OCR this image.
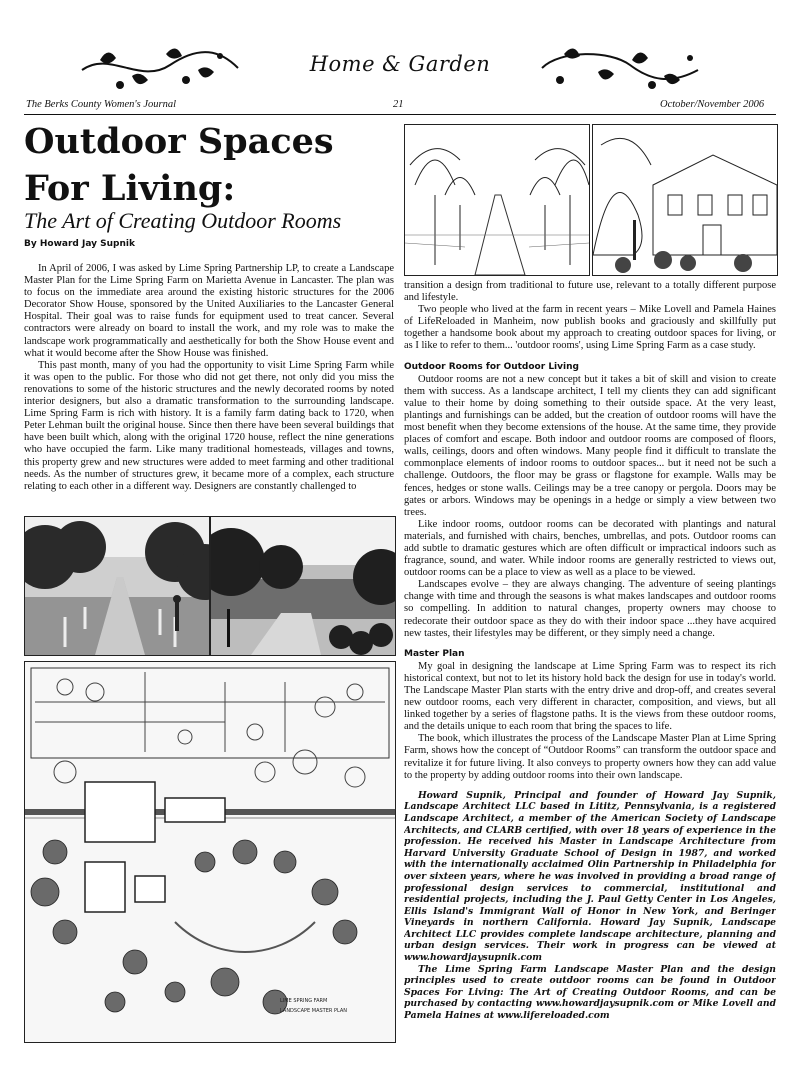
Home & Garden
The Berks County Women's Journal	21	October/November 2006
Outdoor Spaces
For Living:
The Art of Creating Outdoor Rooms
By Howard Jay Supnik

In April of 2006, I was asked by Lime Spring Partnership LP, to create a Landscape Master Plan for the Lime Spring Farm on Marietta Avenue in Lancaster. The plan was to focus on the immediate area around the existing historic structures for the 2006 Decorator Show House, sponsored by the United Auxiliaries to the Lancaster General Hospital. Their goal was to raise funds for equipment used to treat cancer. Several contractors were already on board to install the work, and my role was to make the landscape work programmatically and aesthetically for both the Show House event and what it would become after the Show House was finished.

This past month, many of you had the opportunity to visit Lime Spring Farm while it was open to the public. For those who did not get there, not only did you miss the renovations to some of the historic structures and the newly decorated rooms by noted interior designers, but also a dramatic transformation to the surrounding landscape. Lime Spring Farm is rich with history. It is a family farm dating back to 1720, when Peter Lehman built the original house. Since then there have been several buildings that have been built which, along with the original 1720 house, reflect the nine generations who have occupied the farm. Like many traditional homesteads, villages and towns, this property grew and new structures were added to meet farming and other traditional needs. As the number of structures grew, it became more of a complex, each structure relating to each other in a different way. Designers are constantly challenged to

LIME SPRING FARM
LANDSCAPE MASTER PLAN

transition a design from traditional to future use, relevant to a totally different purpose and lifestyle.

Two people who lived at the farm in recent years – Mike Lovell and Pamela Haines of LifeReloaded in Manheim, now publish books and graciously and skillfully put together a handsome book about my approach to creating outdoor spaces for living, or as I like to refer to them... 'outdoor rooms', using Lime Spring Farm as a case study.

Outdoor Rooms for Outdoor Living

Outdoor rooms are not a new concept but it takes a bit of skill and vision to create them with success. As a landscape architect, I tell my clients they can add significant value to their home by doing something to their outside space. At the very least, plantings and furnishings can be added, but the creation of outdoor rooms will have the most benefit when they become extensions of the house. At the same time, they provide places of comfort and escape. Both indoor and outdoor rooms are composed of floors, walls, ceilings, doors and often windows. Many people find it difficult to translate the commonplace elements of indoor rooms to outdoor spaces... but it need not be such a challenge. Outdoors, the floor may be grass or flagstone for example. Walls may be fences, hedges or stone walls. Ceilings may be a tree canopy or pergola. Doors may be gates or arbors. Windows may be openings in a hedge or simply a view between two trees.

Like indoor rooms, outdoor rooms can be decorated with plantings and natural materials, and furnished with chairs, benches, umbrellas, and pots. Outdoor rooms can add subtle to dramatic gestures which are often difficult or impractical indoors such as fragrance, sound, and water. While indoor rooms are generally restricted to views out, outdoor rooms can be a place to view as well as a place to be viewed.

Landscapes evolve – they are always changing. The adventure of seeing plantings change with time and through the seasons is what makes landscapes and outdoor rooms so compelling. In addition to natural changes, property owners may choose to redecorate their outdoor space as they do with their indoor space ...they have acquired new tastes, their lifestyles may be different, or they simply need a change.

Master Plan

My goal in designing the landscape at Lime Spring Farm was to respect its rich historical context, but not to let its history hold back the design for use in today's world. The Landscape Master Plan starts with the entry drive and drop-off, and creates several new outdoor rooms, each very different in character, composition, and views, but all linked together by a series of flagstone paths. It is the views from these outdoor rooms, and the details unique to each room that bring the spaces to life.

The book, which illustrates the process of the Landscape Master Plan at Lime Spring Farm, shows how the concept of “Outdoor Rooms” can transform the outdoor space and revitalize it for future living. It also conveys to property owners how they can add value to the property by adding outdoor rooms into their own landscape.

Howard Supnik, Principal and founder of Howard Jay Supnik, Landscape Architect LLC based in Lititz, Pennsylvania, is a registered Landscape Architect, a member of the American Society of Landscape Architects, and CLARB certified, with over 18 years of experience in the profession. He received his Master in Landscape Architecture from Harvard University Graduate School of Design in 1987, and worked with the internationally acclaimed Olin Partnership in Philadelphia for over sixteen years, where he was involved in providing a broad range of professional design services to commercial, institutional and residential projects, including the J. Paul Getty Center in Los Angeles, Ellis Island's Immigrant Wall of Honor in New York, and Beringer Vineyards in northern California. Howard Jay Supnik, Landscape Architect LLC provides complete landscape architecture, planning and urban design services. Their work in progress can be viewed at www.howardjaysupnik.com

The Lime Spring Farm Landscape Master Plan and the design principles used to create outdoor rooms can be found in Outdoor Spaces For Living: The Art of Creating Outdoor Rooms, and can be purchased by contacting www.howardjaysupnik.com or Mike Lovell and Pamela Haines at www.lifereloaded.com
